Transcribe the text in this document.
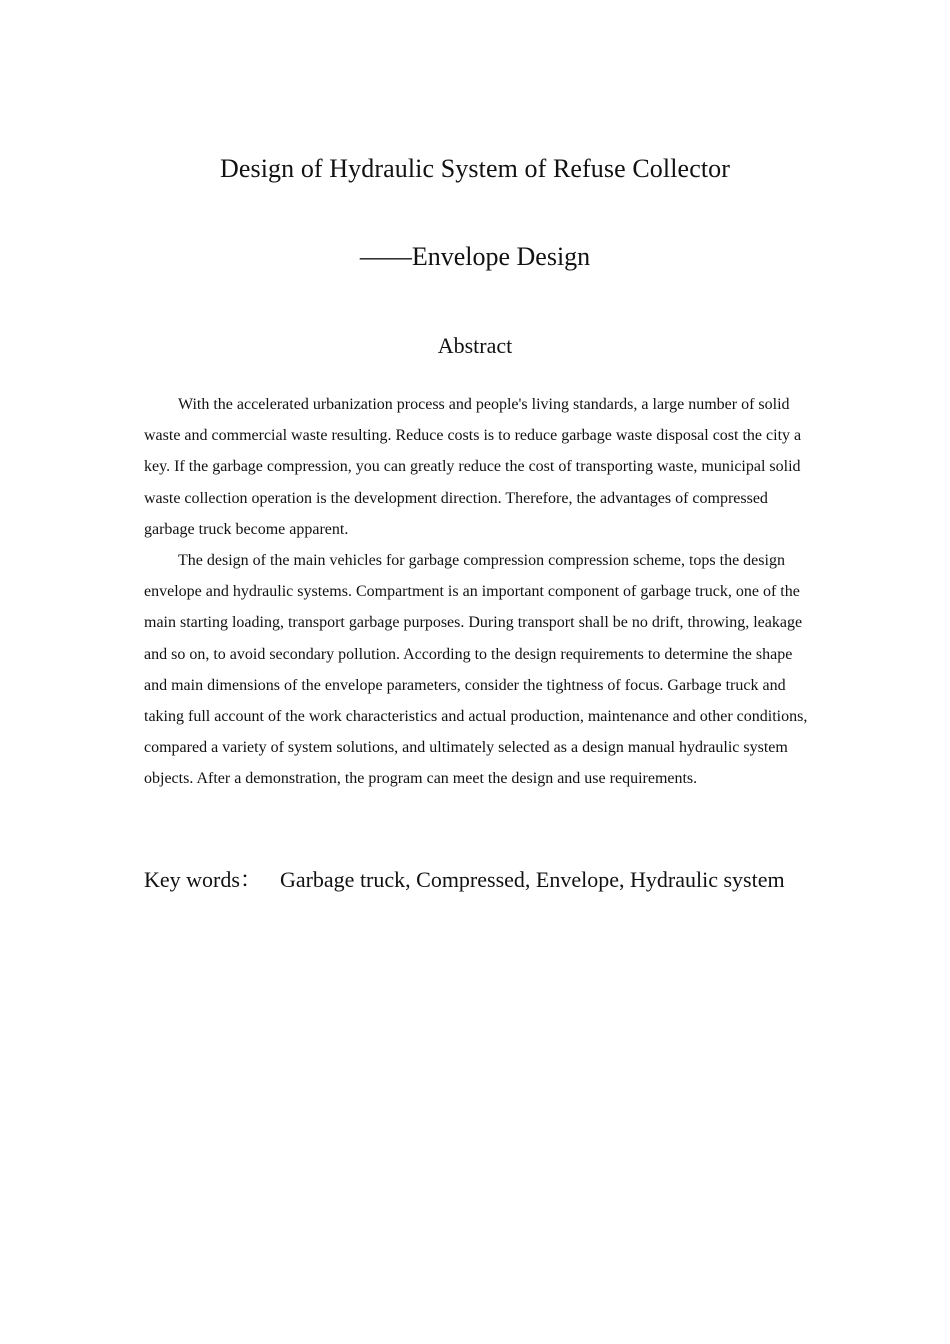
Design of Hydraulic System of Refuse Collector
——Envelope Design
Abstract

With the accelerated urbanization process and people's living standards, a large number of solid waste and commercial waste resulting. Reduce costs is to reduce garbage waste disposal cost the city a key. If the garbage compression, you can greatly reduce the cost of transporting waste, municipal solid waste collection operation is the development direction. Therefore, the advantages of compressed garbage truck become apparent.

The design of the main vehicles for garbage compression compression scheme, tops the design envelope and hydraulic systems. Compartment is an important component of garbage truck, one of the main starting loading, transport garbage purposes. During transport shall be no drift, throwing, leakage and so on, to avoid secondary pollution. According to the design requirements to determine the shape and main dimensions of the envelope parameters, consider the tightness of focus. Garbage truck and taking full account of the work characteristics and actual production, maintenance and other conditions, compared a variety of system solutions, and ultimately selected as a design manual hydraulic system objects. After a demonstration, the program can meet the design and use requirements.

Key words： Garbage truck, Compressed, Envelope, Hydraulic system
